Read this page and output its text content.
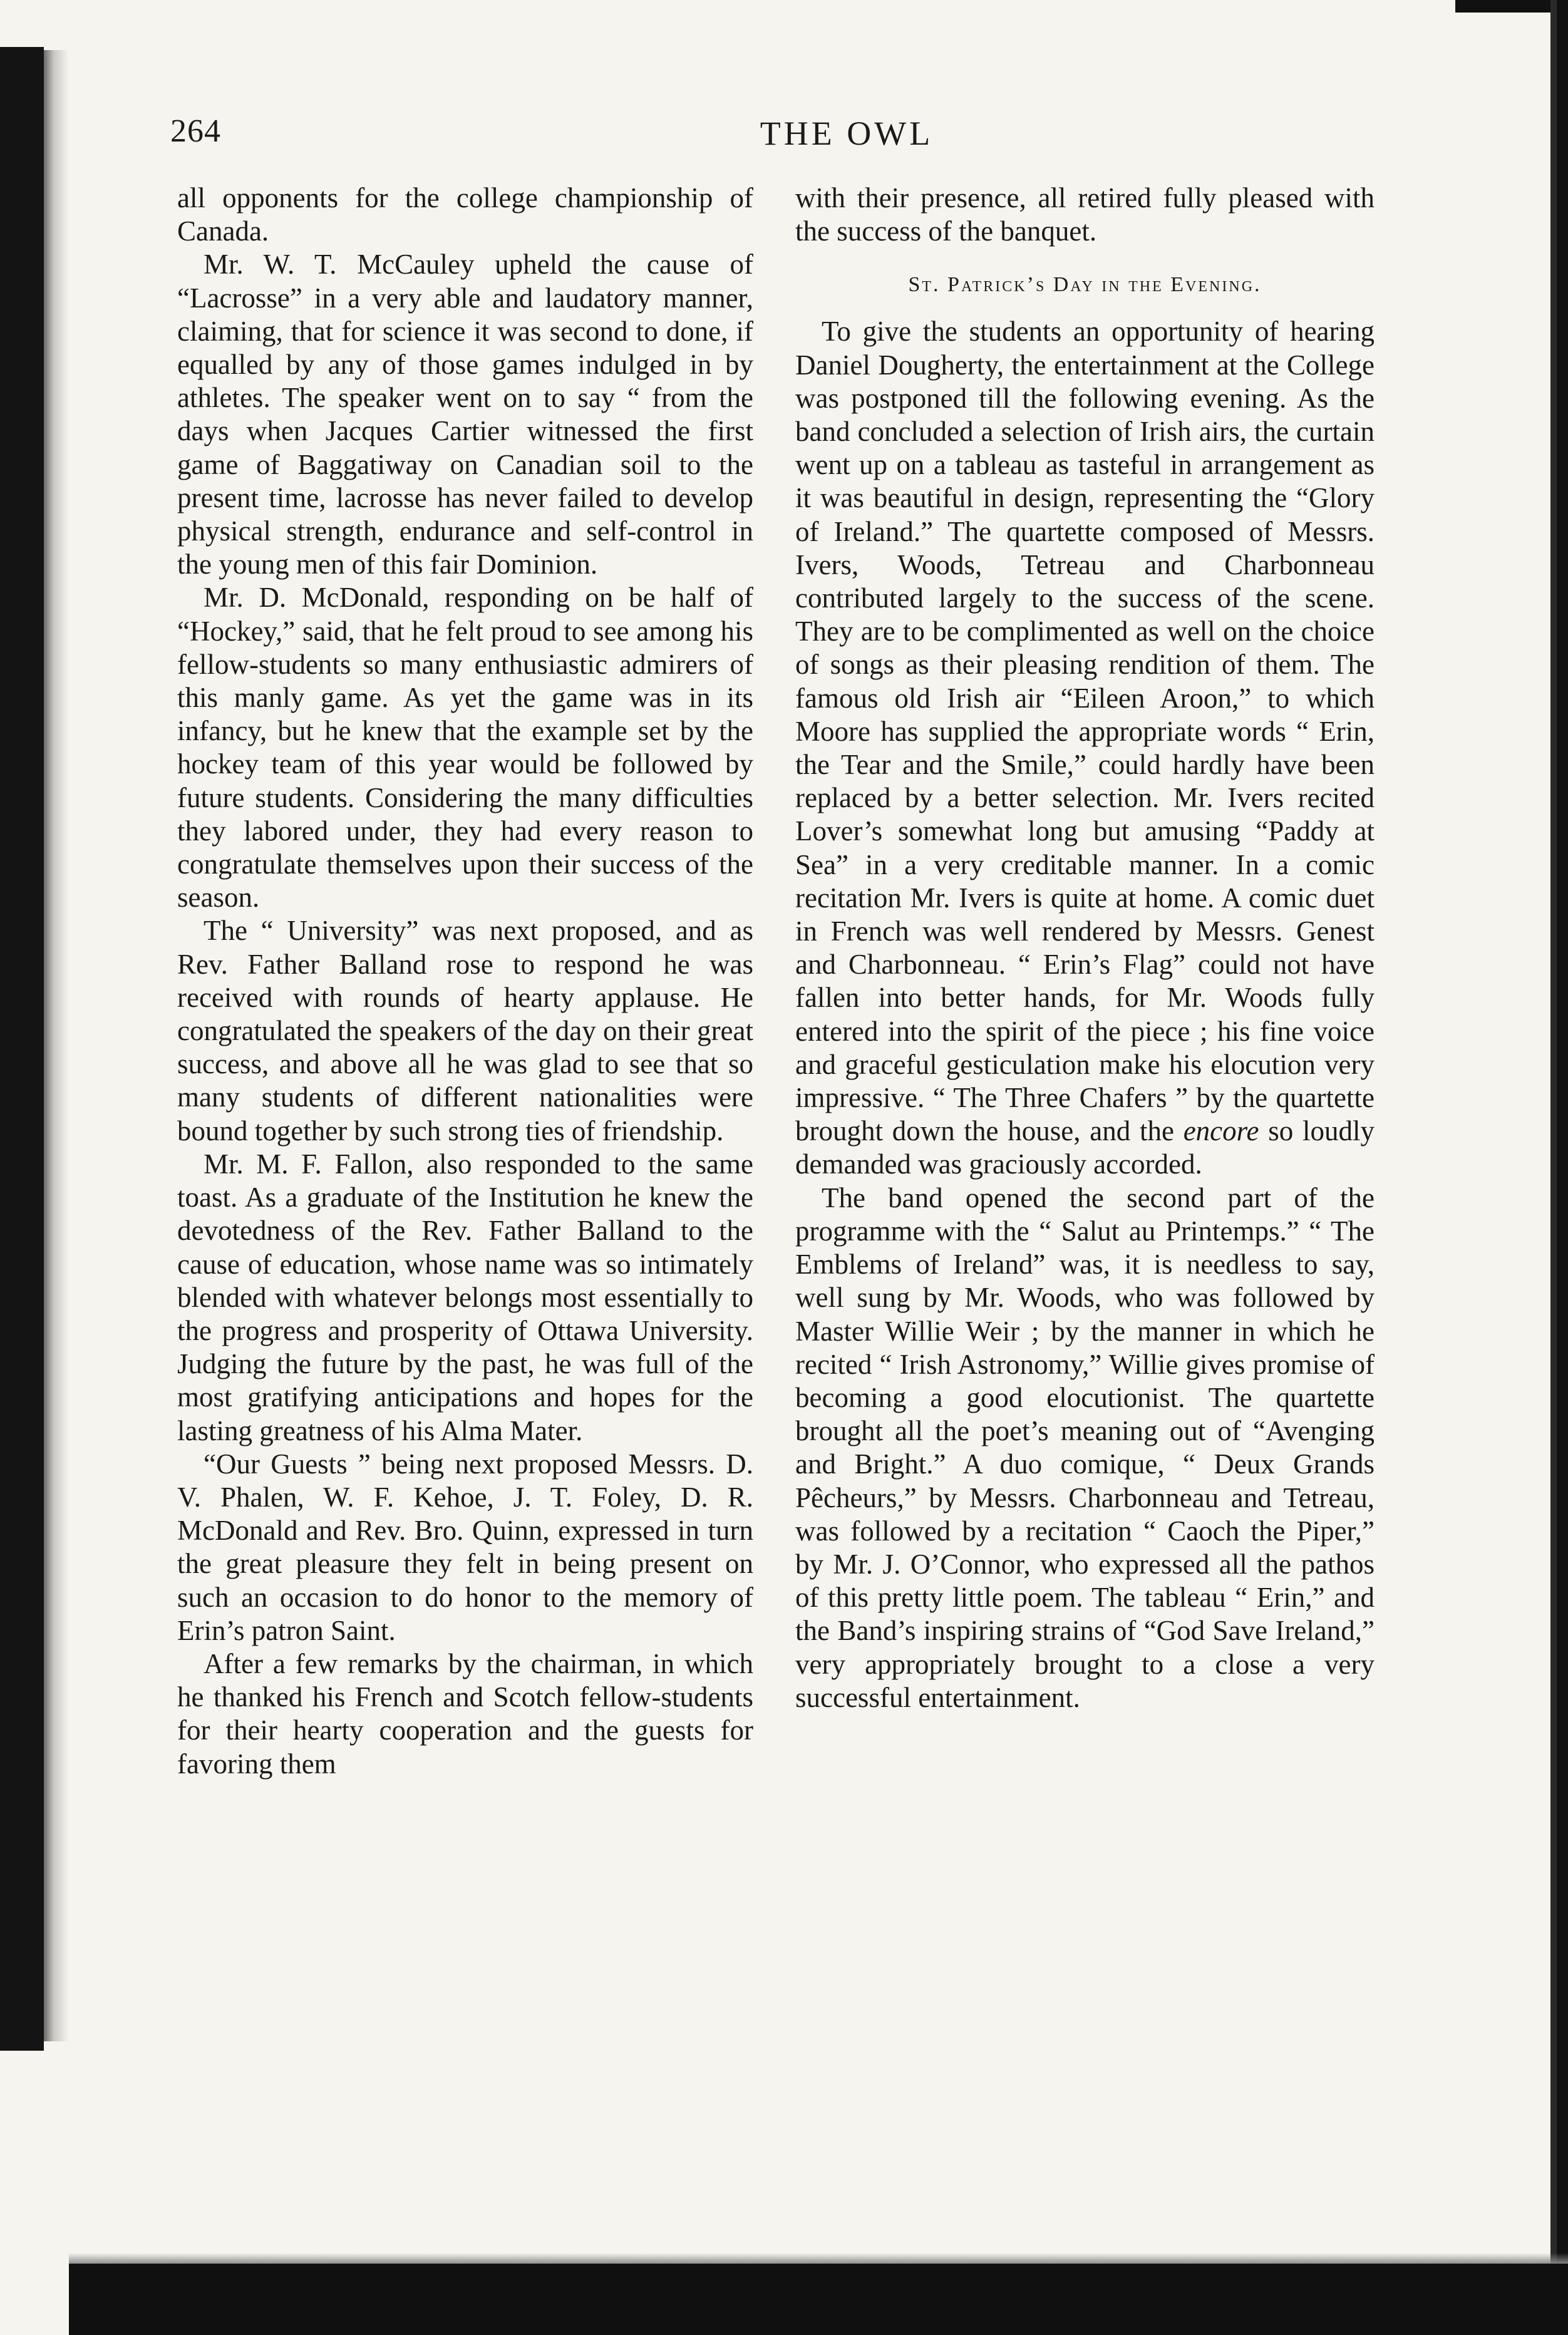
264	THE OWL

all opponents for the college championship of Canada.

Mr. W. T. McCauley upheld the cause of “Lacrosse” in a very able and laudatory manner, claiming, that for science it was second to done, if equalled by any of those games indulged in by athletes. The speaker went on to say “ from the days when Jacques Cartier witnessed the first game of Baggatiway on Canadian soil to the present time, lacrosse has never failed to develop physical strength, endurance and self-control in the young men of this fair Dominion.

Mr. D. McDonald, responding on be half of “Hockey,” said, that he felt proud to see among his fellow-students so many enthusiastic admirers of this manly game. As yet the game was in its infancy, but he knew that the example set by the hockey team of this year would be followed by future students. Considering the many difficulties they labored under, they had every reason to congratulate themselves upon their success of the season.

The “ University” was next proposed, and as Rev. Father Balland rose to respond he was received with rounds of hearty applause. He congratulated the speakers of the day on their great success, and above all he was glad to see that so many students of different nationalities were bound together by such strong ties of friendship.

Mr. M. F. Fallon, also responded to the same toast. As a graduate of the Institution he knew the devotedness of the Rev. Father Balland to the cause of education, whose name was so intimately blended with whatever belongs most essentially to the progress and prosperity of Ottawa University. Judging the future by the past, he was full of the most gratifying anticipations and hopes for the lasting greatness of his Alma Mater.

“Our Guests ” being next proposed Messrs. D. V. Phalen, W. F. Kehoe, J. T. Foley, D. R. McDonald and Rev. Bro. Quinn, expressed in turn the great pleasure they felt in being present on such an occasion to do honor to the memory of Erin’s patron Saint.

After a few remarks by the chairman, in which he thanked his French and Scotch fellow-students for their hearty cooperation and the guests for favoring them

with their presence, all retired fully pleased with the success of the banquet.

St. Patrick’s Day in the Evening.

To give the students an opportunity of hearing Daniel Dougherty, the entertainment at the College was postponed till the following evening. As the band concluded a selection of Irish airs, the curtain went up on a tableau as tasteful in arrangement as it was beautiful in design, representing the “Glory of Ireland.” The quartette composed of Messrs. Ivers, Woods, Tetreau and Charbonneau contributed largely to the success of the scene. They are to be complimented as well on the choice of songs as their pleasing rendition of them. The famous old Irish air “Eileen Aroon,” to which Moore has supplied the appropriate words “ Erin, the Tear and the Smile,” could hardly have been replaced by a better selection. Mr. Ivers recited Lover’s somewhat long but amusing “Paddy at Sea” in a very creditable manner. In a comic recitation Mr. Ivers is quite at home. A comic duet in French was well rendered by Messrs. Genest and Charbonneau. “ Erin’s Flag” could not have fallen into better hands, for Mr. Woods fully entered into the spirit of the piece ; his fine voice and graceful gesticulation make his elocution very impressive. “ The Three Chafers ” by the quartette brought down the house, and the encore so loudly demanded was graciously accorded.

The band opened the second part of the programme with the “ Salut au Printemps.” “ The Emblems of Ireland” was, it is needless to say, well sung by Mr. Woods, who was followed by Master Willie Weir ; by the manner in which he recited “ Irish Astronomy,” Willie gives promise of becoming a good elocutionist. The quartette brought all the poet’s meaning out of “Avenging and Bright.” A duo comique, “ Deux Grands Pêcheurs,” by Messrs. Charbonneau and Tetreau, was followed by a recitation “ Caoch the Piper,” by Mr. J. O’Connor, who expressed all the pathos of this pretty little poem. The tableau “ Erin,” and the Band’s inspiring strains of “God Save Ireland,” very appropriately brought to a close a very successful entertainment.
